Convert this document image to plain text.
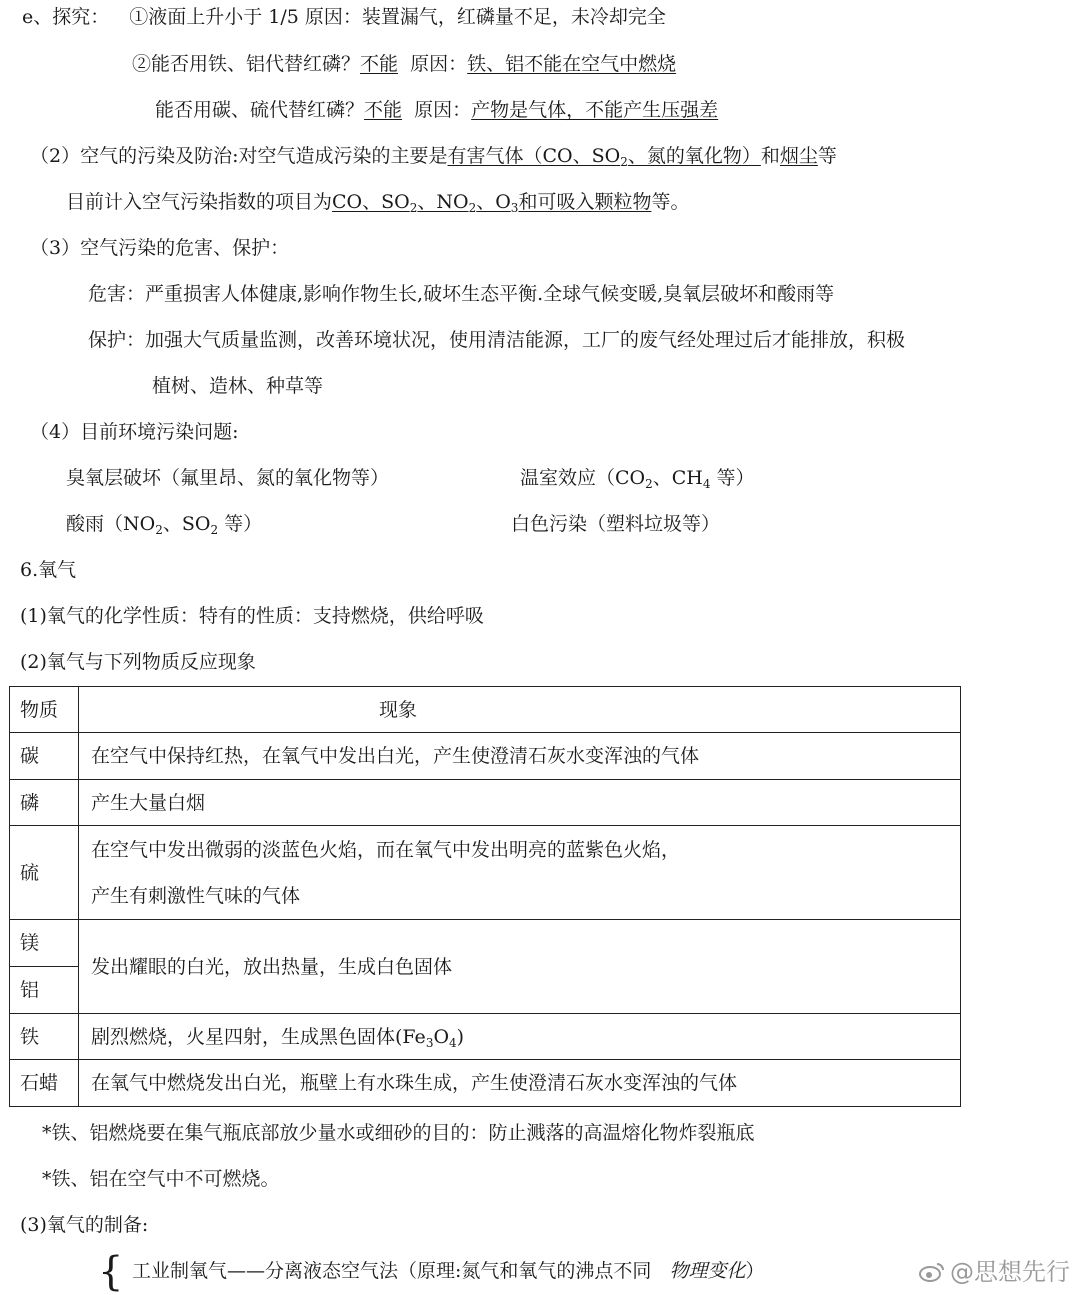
e、探究： ①液面上升小于 1/5 原因：装置漏气，红磷量不足，未冷却完全
②能否用铁、铝代替红磷？不能 原因：铁、铝不能在空气中燃烧
能否用碳、硫代替红磷？不能 原因：产物是气体，不能产生压强差
（2）空气的污染及防治:对空气造成污染的主要是有害气体（CO、$SO_2$、氮的氧化物）和烟尘等
目前计入空气污染指数的项目为CO、$SO_2$、$NO_2$、$O_3$和可吸入颗粒物等。
（3）空气污染的危害、保护：
危害：严重损害人体健康,影响作物生长,破坏生态平衡.全球气候变暖,臭氧层破坏和酸雨等
保护：加强大气质量监测，改善环境状况，使用清洁能源，工厂的废气经处理过后才能排放，积极
植树、造林、种草等
（4）目前环境污染问题:
臭氧层破坏（氟里昂、氮的氧化物等）	温室效应（$CO_2$、$CH_4$ 等）
酸雨（$NO_2$、$SO_2$ 等）	白色污染（塑料垃圾等）
6.氧气
(1)氧气的化学性质：特有的性质：支持燃烧，供给呼吸
(2)氧气与下列物质反应现象
物质	现象
碳	在空气中保持红热，在氧气中发出白光，产生使澄清石灰水变浑浊的气体
磷	产生大量白烟
硫	在空气中发出微弱的淡蓝色火焰，而在氧气中发出明亮的蓝紫色火焰，
产生有刺激性气味的气体

镁	发出耀眼的白光，放出热量，生成白色固体
铝	
铁	剧烈燃烧，火星四射，生成黑色固体$(Fe_3O_4)$
石蜡	在氧气中燃烧发出白光，瓶壁上有水珠生成，产生使澄清石灰水变浑浊的气体
*铁、铝燃烧要在集气瓶底部放少量水或细砂的目的：防止溅落的高温熔化物炸裂瓶底
*铁、铝在空气中不可燃烧。
(3)氧气的制备:
{ 工业制氧气——分离液态空气法（原理:氮气和氧气的沸点不同 物理变化）	@思想先行
